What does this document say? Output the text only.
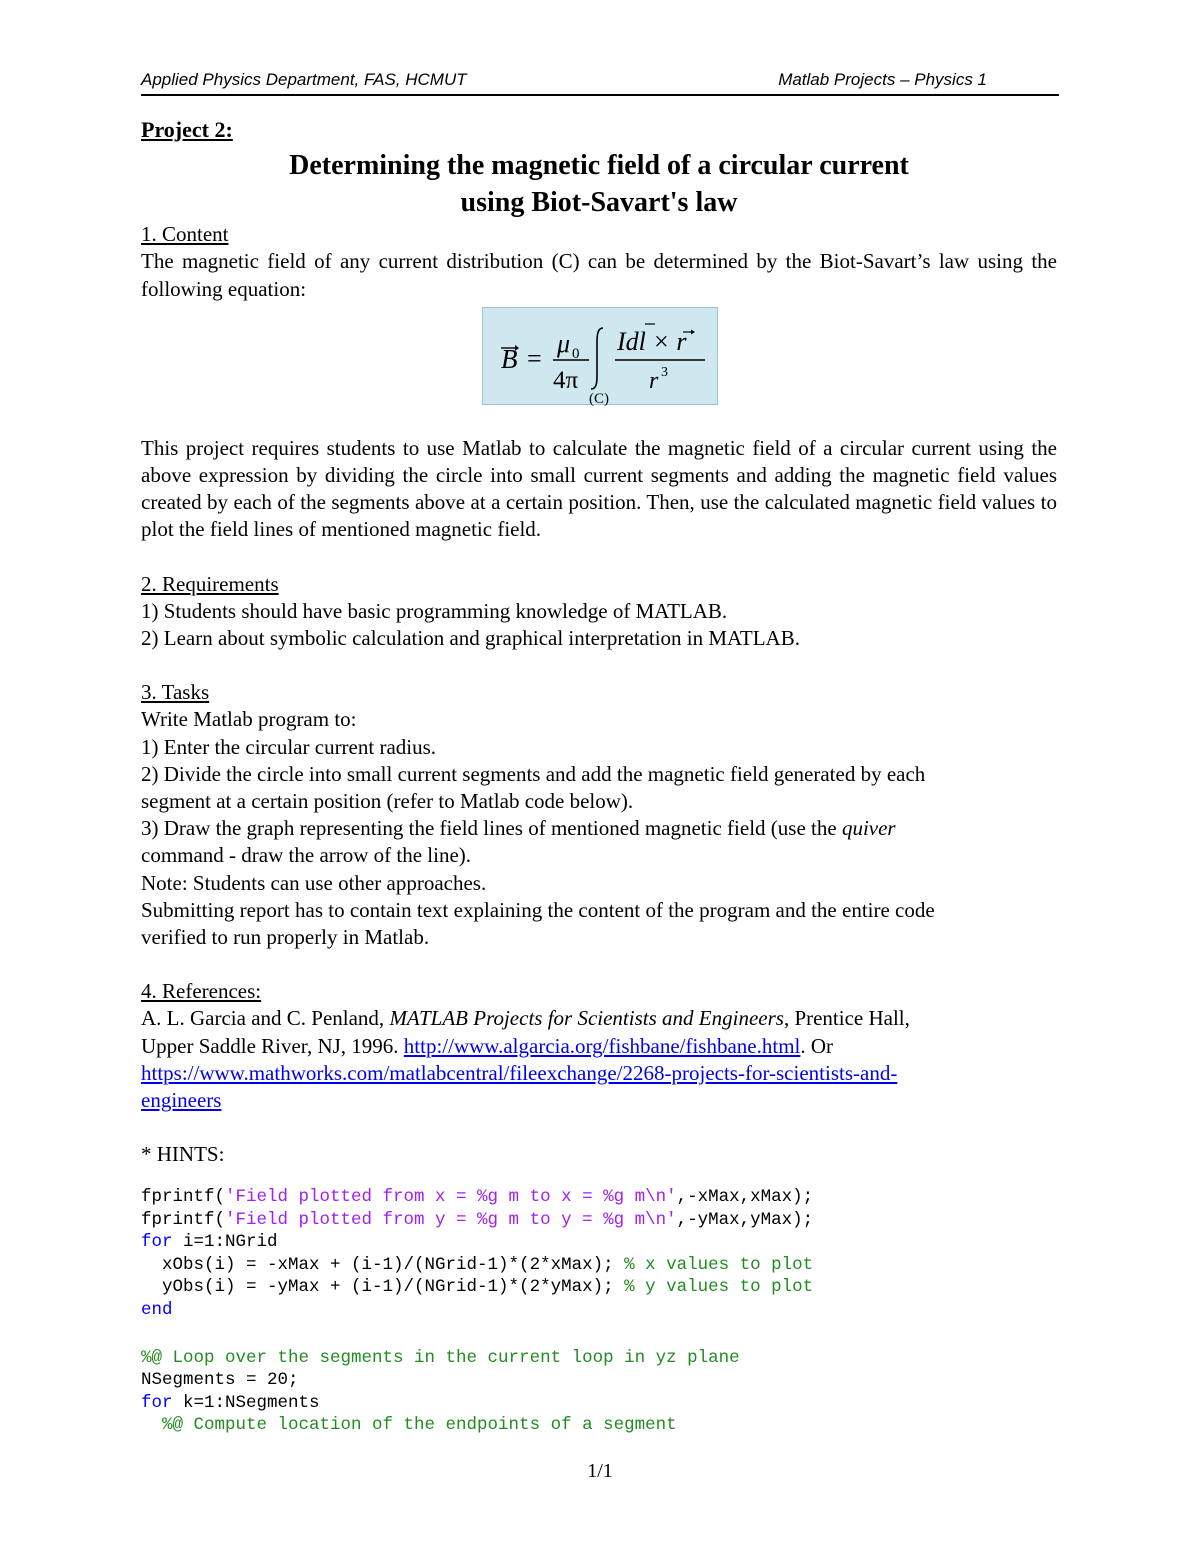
Applied Physics Department, FAS, HCMUT	Matlab Projects – Physics 1
Project 2:
Determining the magnetic field of a circular current
using Biot-Savart's law
1. Content
The magnetic field of any current distribution (C) can be determined by the Biot-Savart’s law using the following equation:
B =
μ 0
4π
(C)
Idl × r
r 3
This project requires students to use Matlab to calculate the magnetic field of a circular current using the above expression by dividing the circle into small current segments and adding the magnetic field values created by each of the segments above at a certain position. Then, use the calculated magnetic field values to plot the field lines of mentioned magnetic field.
2. Requirements
1) Students should have basic programming knowledge of MATLAB.
2) Learn about symbolic calculation and graphical interpretation in MATLAB.
3. Tasks
Write Matlab program to:
1) Enter the circular current radius.
2) Divide the circle into small current segments and add the magnetic field generated by each
segment at a certain position (refer to Matlab code below).
3) Draw the graph representing the field lines of mentioned magnetic field (use the quiver
command - draw the arrow of the line).
Note: Students can use other approaches.
Submitting report has to contain text explaining the content of the program and the entire code
verified to run properly in Matlab.
4. References:
A. L. Garcia and C. Penland, MATLAB Projects for Scientists and Engineers, Prentice Hall,
Upper Saddle River, NJ, 1996. http://www.algarcia.org/fishbane/fishbane.html. Or
https://www.mathworks.com/matlabcentral/fileexchange/2268-projects-for-scientists-and-
engineers
* HINTS:
fprintf('Field plotted from x = %g m to x = %g m\n',-xMax,xMax);
fprintf('Field plotted from y = %g m to y = %g m\n',-yMax,yMax);
for i=1:NGrid
xObs(i) = -xMax + (i-1)/(NGrid-1)*(2*xMax); % x values to plot
yObs(i) = -yMax + (i-1)/(NGrid-1)*(2*yMax); % y values to plot
end
%@ Loop over the segments in the current loop in yz plane
NSegments = 20;
for k=1:NSegments
%@ Compute location of the endpoints of a segment
1/1
